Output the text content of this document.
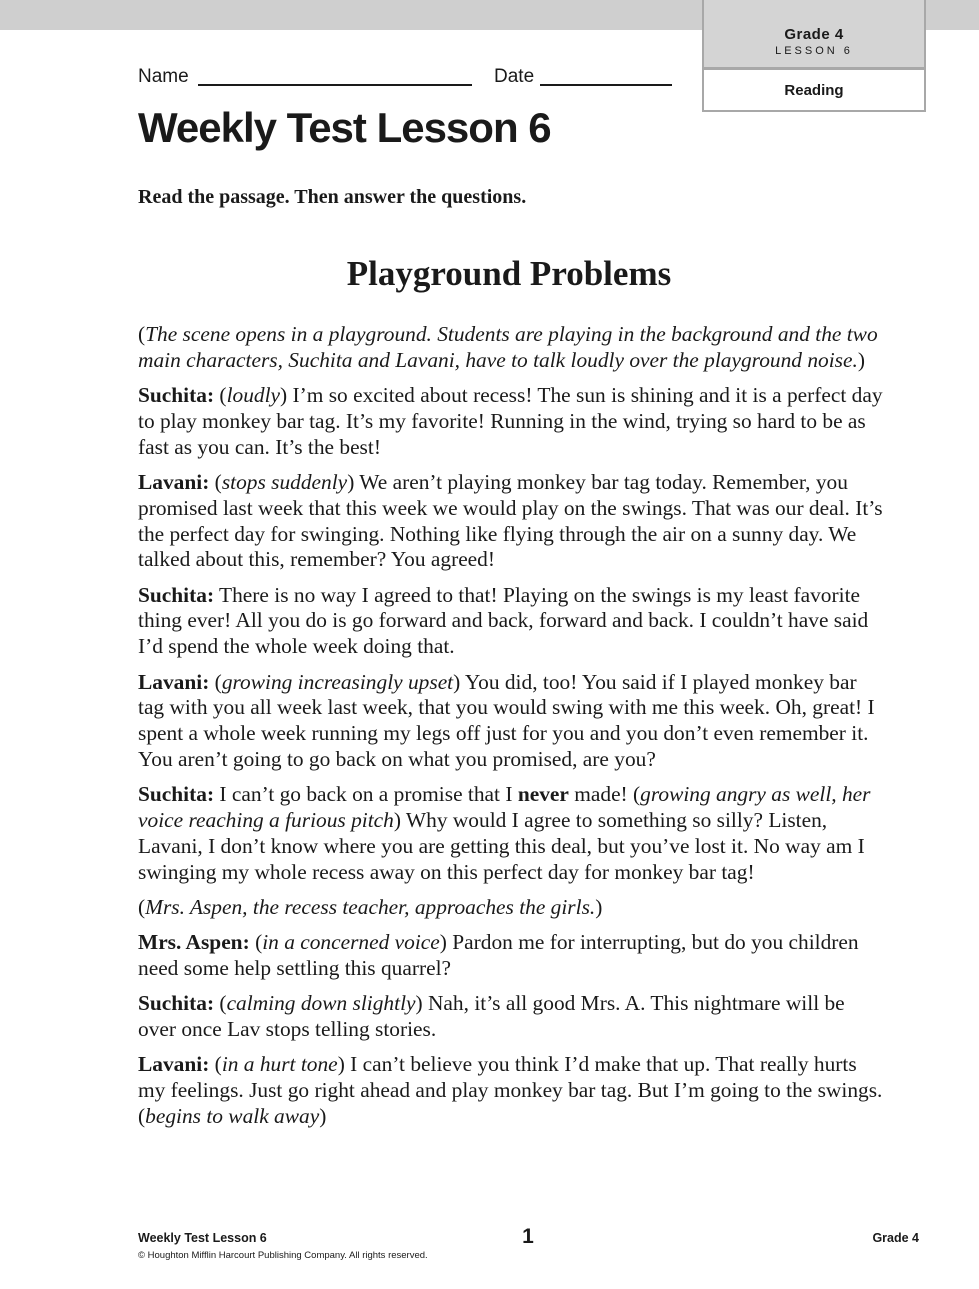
Grade 4
LESSON 6
Reading
Name	Date
Weekly Test Lesson 6
Read the passage. Then answer the questions.
Playground Problems

(The scene opens in a playground. Students are playing in the background and the two main characters, Suchita and Lavani, have to talk loudly over the playground noise.)

Suchita: (loudly) I’m so excited about recess! The sun is shining and it is a perfect day to play monkey bar tag. It’s my favorite! Running in the wind, trying so hard to be as fast as you can. It’s the best!

Lavani: (stops suddenly) We aren’t playing monkey bar tag today. Remember, you promised last week that this week we would play on the swings. That was our deal. It’s the perfect day for swinging. Nothing like flying through the air on a sunny day. We talked about this, remember? You agreed!

Suchita: There is no way I agreed to that! Playing on the swings is my least favorite thing ever! All you do is go forward and back, forward and back. I couldn’t have said I’d spend the whole week doing that.

Lavani: (growing increasingly upset) You did, too! You said if I played monkey bar tag with you all week last week, that you would swing with me this week. Oh, great! I spent a whole week running my legs off just for you and you don’t even remember it. You aren’t going to go back on what you promised, are you?

Suchita: I can’t go back on a promise that I never made! (growing angry as well, her voice reaching a furious pitch) Why would I agree to something so silly? Listen, Lavani, I don’t know where you are getting this deal, but you’ve lost it. No way am I swinging my whole recess away on this perfect day for monkey bar tag!

(Mrs. Aspen, the recess teacher, approaches the girls.)

Mrs. Aspen: (in a concerned voice) Pardon me for interrupting, but do you children need some help settling this quarrel?

Suchita: (calming down slightly) Nah, it’s all good Mrs. A. This nightmare will be over once Lav stops telling stories.

Lavani: (in a hurt tone) I can’t believe you think I’d make that up. That really hurts my feelings. Just go right ahead and play monkey bar tag. But I’m going to the swings. (begins to walk away)

Weekly Test Lesson 6
© Houghton Mifflin Harcourt Publishing Company. All rights reserved.
1	Grade 4
